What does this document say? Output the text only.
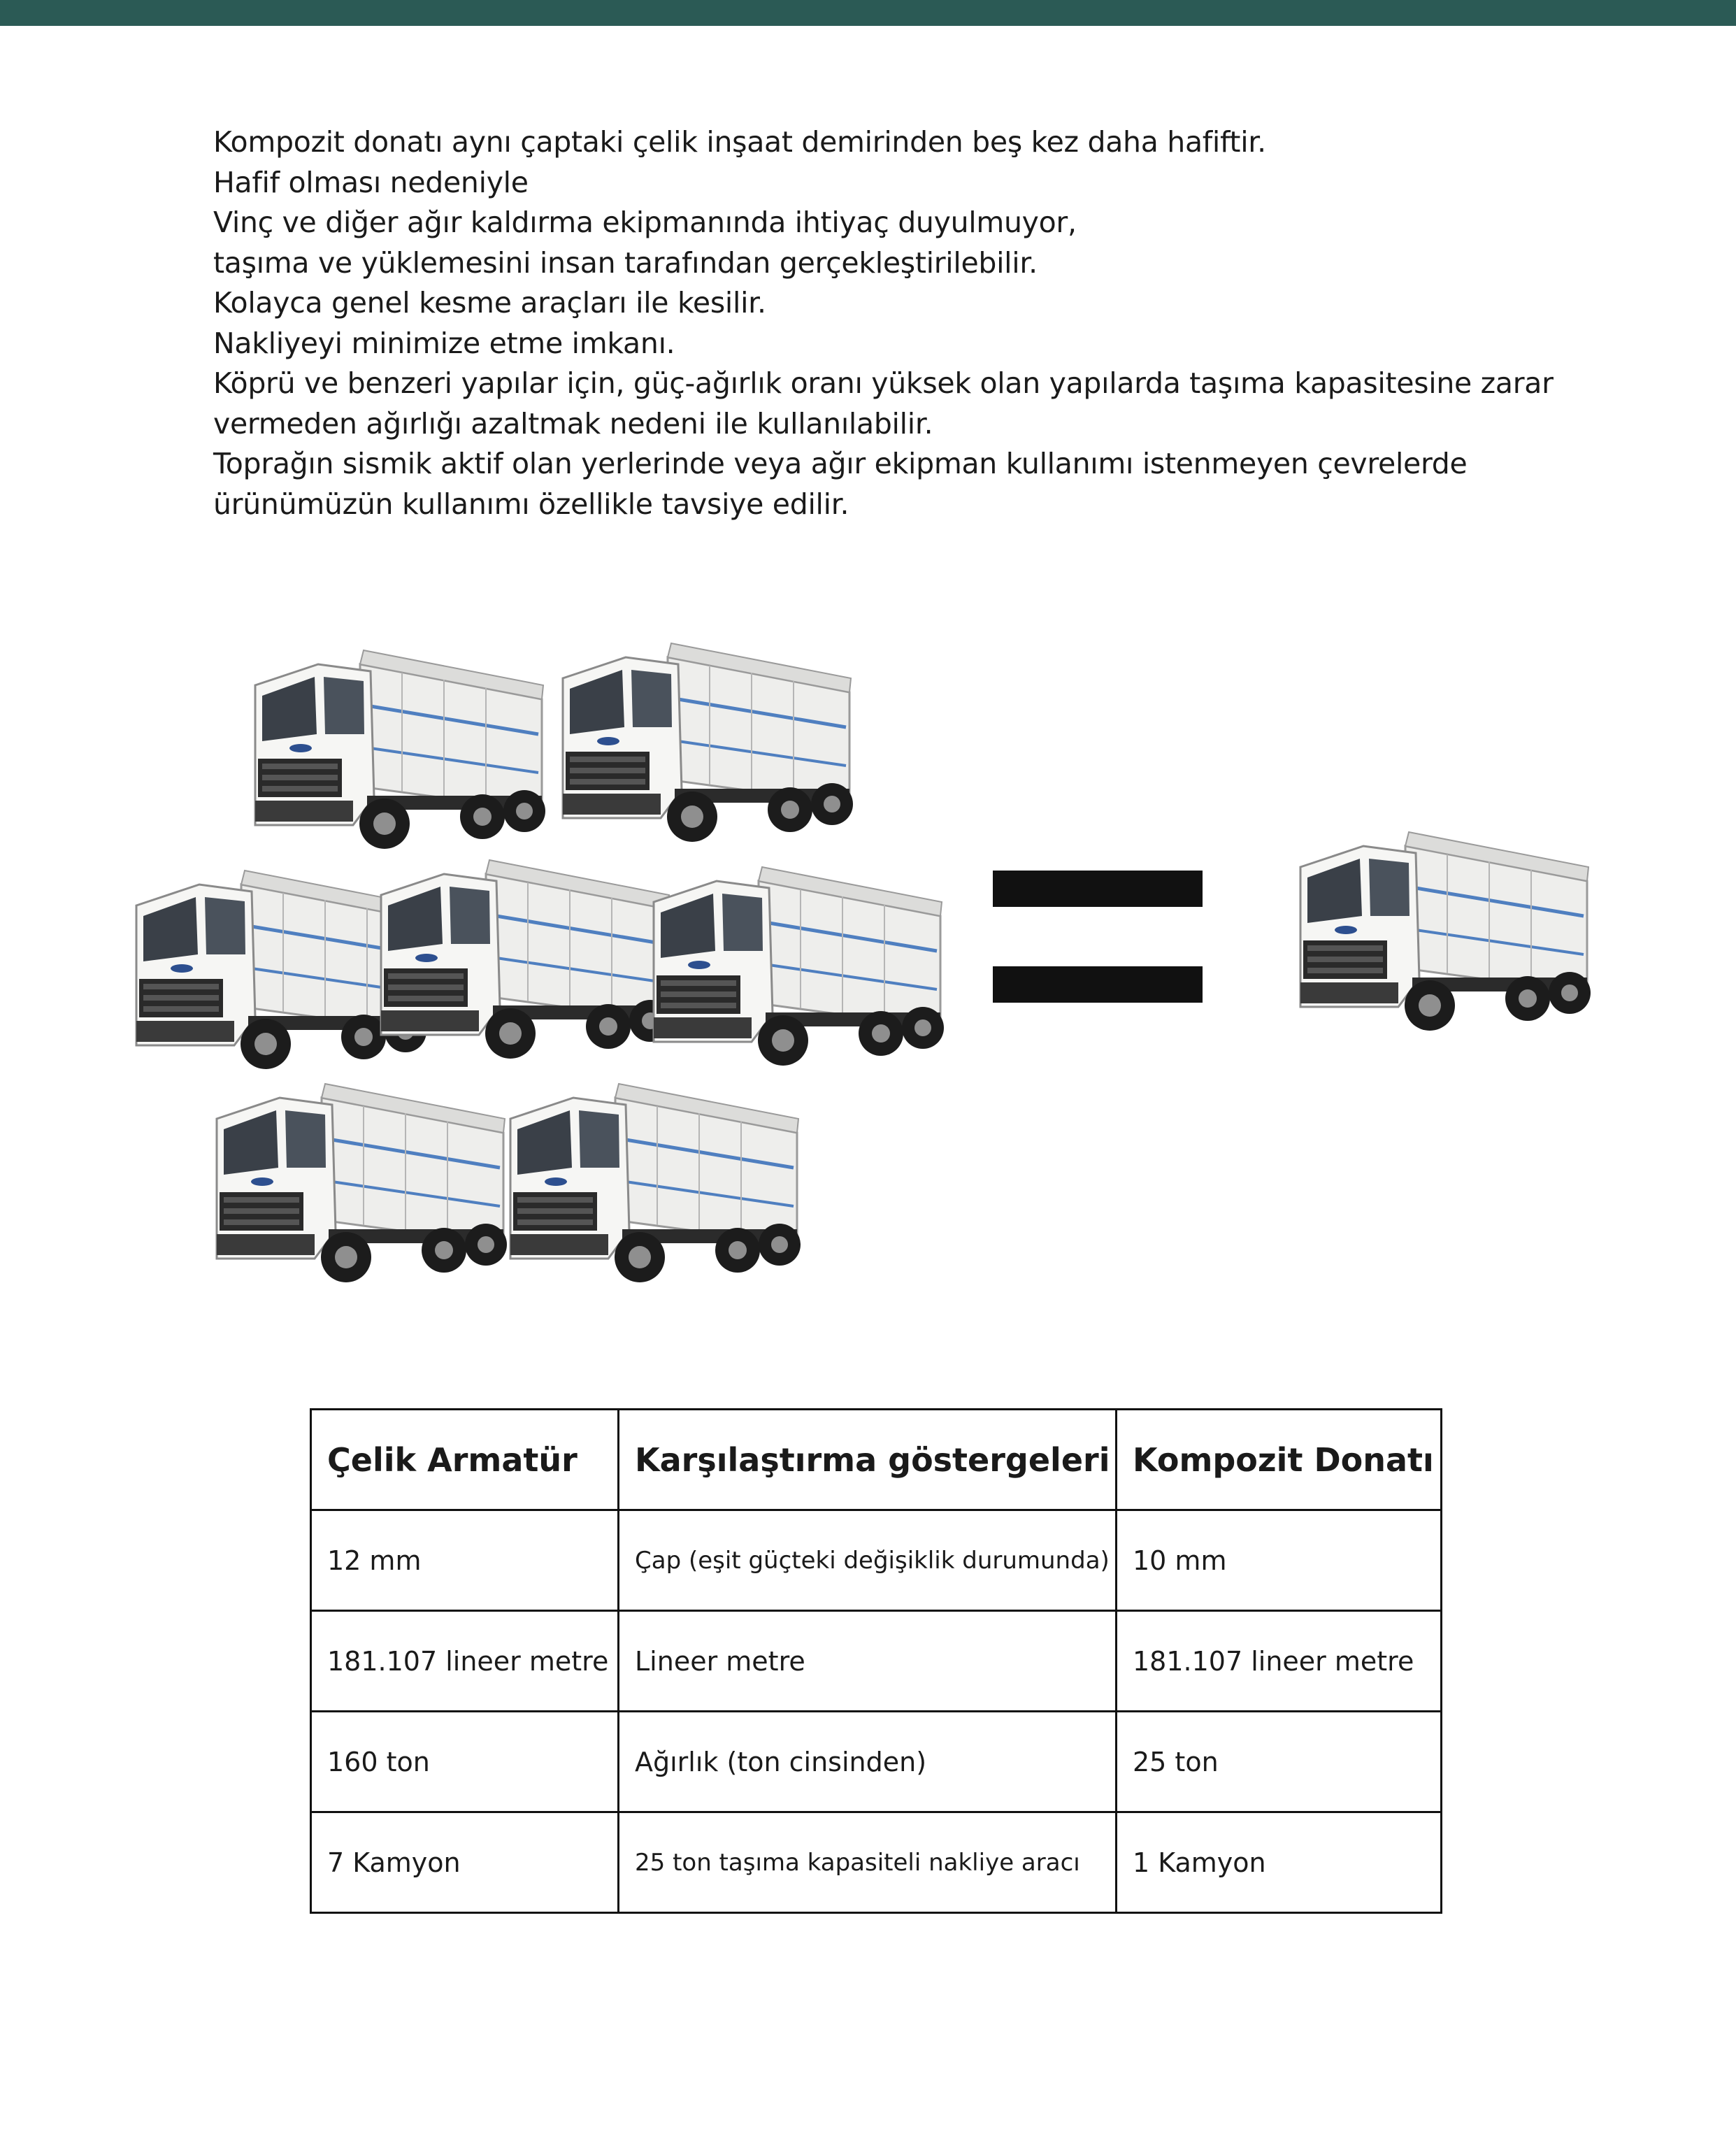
Kompozit donatı aynı çaptaki çelik inşaat demirinden beş kez daha hafiftir.
Hafif olması nedeniyle
Vinç ve diğer ağır kaldırma ekipmanında ihtiyaç duyulmuyor,
taşıma ve yüklemesini insan tarafından gerçekleştirilebilir.
Kolayca genel kesme araçları ile kesilir.
Nakliyeyi minimize etme imkanı.
Köprü ve benzeri yapılar için, güç-ağırlık oranı yüksek olan yapılarda taşıma kapasitesine zarar
vermeden ağırlığı azaltmak nedeni ile kullanılabilir.
Toprağın sismik aktif olan yerlerinde veya ağır ekipman kullanımı istenmeyen çevrelerde
ürünümüzün kullanımı özellikle tavsiye edilir.
Çelik Armatür	Karşılaştırma göstergeleri	Kompozit Donatı
12 mm	Çap (eşit güçteki değişiklik durumunda)	10 mm
181.107 lineer metre	Lineer metre	181.107 lineer metre
160 ton	Ağırlık (ton cinsinden)	25 ton
7 Kamyon	25 ton taşıma kapasiteli nakliye aracı	1 Kamyon
